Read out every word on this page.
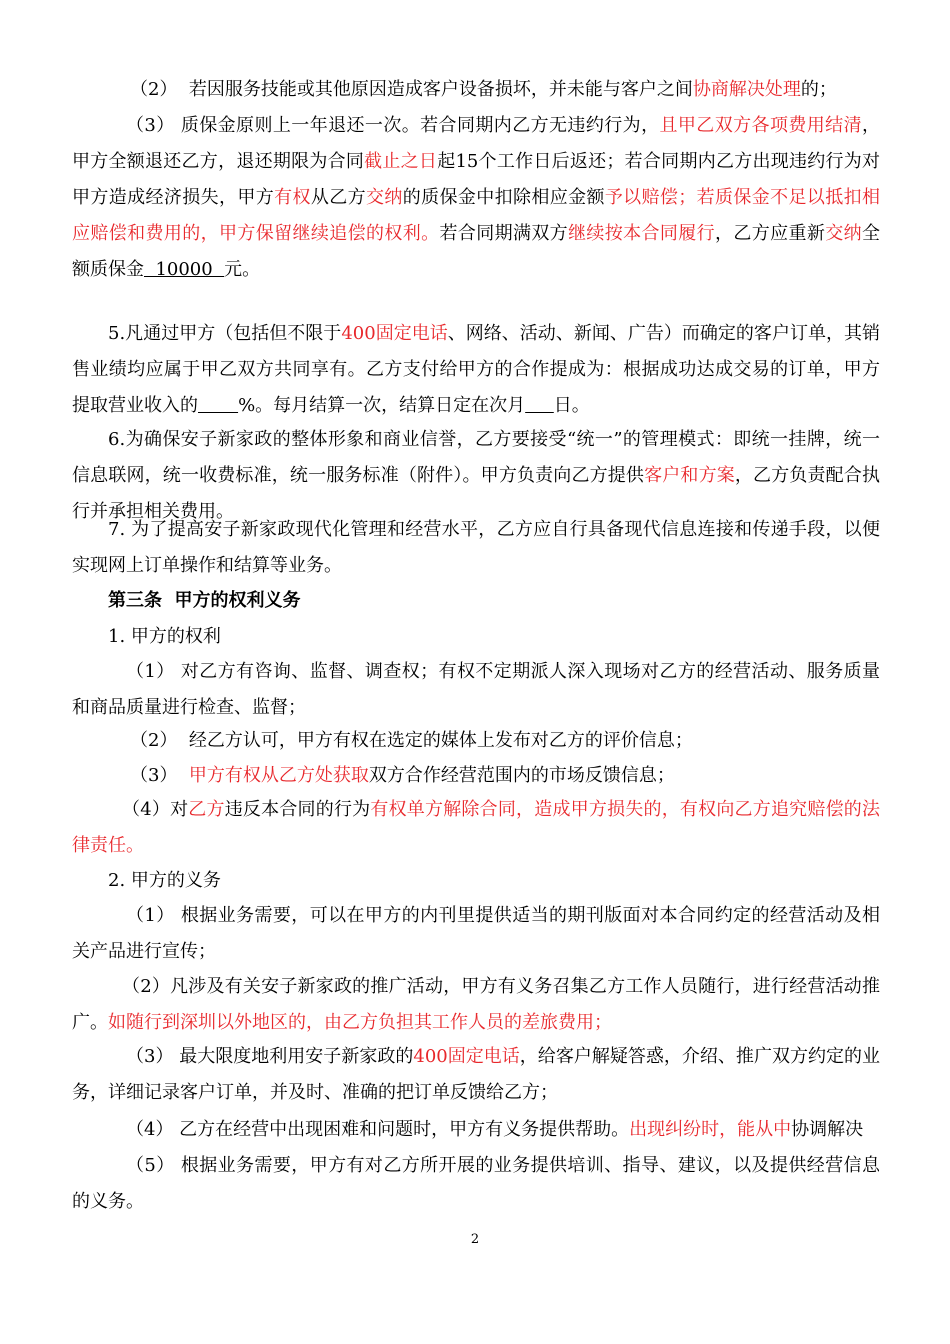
（2）  若因服务技能或其他原因造成客户设备损坏，并未能与客户之间协商解决处理的；

（3） 质保金原则上一年退还一次。若合同期内乙方无违约行为，且甲乙双方各项费用结清，甲方全额退还乙方，退还期限为合同截止之日起15个工作日后返还；若合同期内乙方出现违约行为对甲方造成经济损失，甲方有权从乙方交纳的质保金中扣除相应金额予以赔偿；若质保金不足以抵扣相应赔偿和费用的，甲方保留继续追偿的权利。若合同期满双方继续按本合同履行，乙方应重新交纳全额质保金  10000  元。

5.凡通过甲方（包括但不限于400固定电话、网络、活动、新闻、广告）而确定的客户订单，其销售业绩均应属于甲乙双方共同享有。乙方支付给甲方的合作提成为：根据成功达成交易的订单，甲方提取营业收入的 %。每月结算一次，结算日定在次月 日。

6.为确保安子新家政的整体形象和商业信誉，乙方要接受“统一”的管理模式：即统一挂牌，统一信息联网，统一收费标准，统一服务标准（附件）。甲方负责向乙方提供客户和方案，乙方负责配合执行并承担相关费用。

7. 为了提高安子新家政现代化管理和经营水平，乙方应自行具备现代信息连接和传递手段，以便实现网上订单操作和结算等业务。

第三条  甲方的权利义务

1. 甲方的权利

（1） 对乙方有咨询、监督、调查权；有权不定期派人深入现场对乙方的经营活动、服务质量和商品质量进行检查、监督；

（2）  经乙方认可，甲方有权在选定的媒体上发布对乙方的评价信息；

（3）  甲方有权从乙方处获取双方合作经营范围内的市场反馈信息；

（4）对乙方违反本合同的行为有权单方解除合同，造成甲方损失的，有权向乙方追究赔偿的法律责任。

2. 甲方的义务

（1） 根据业务需要，可以在甲方的内刊里提供适当的期刊版面对本合同约定的经营活动及相关产品进行宣传；

（2）凡涉及有关安子新家政的推广活动，甲方有义务召集乙方工作人员随行，进行经营活动推广。如随行到深圳以外地区的，由乙方负担其工作人员的差旅费用；

（3） 最大限度地利用安子新家政的400固定电话，给客户解疑答惑，介绍、推广双方约定的业务，详细记录客户订单，并及时、准确的把订单反馈给乙方；

（4） 乙方在经营中出现困难和问题时，甲方有义务提供帮助。出现纠纷时，能从中协调解决

（5） 根据业务需要，甲方有对乙方所开展的业务提供培训、指导、建议，以及提供经营信息的义务。

2
